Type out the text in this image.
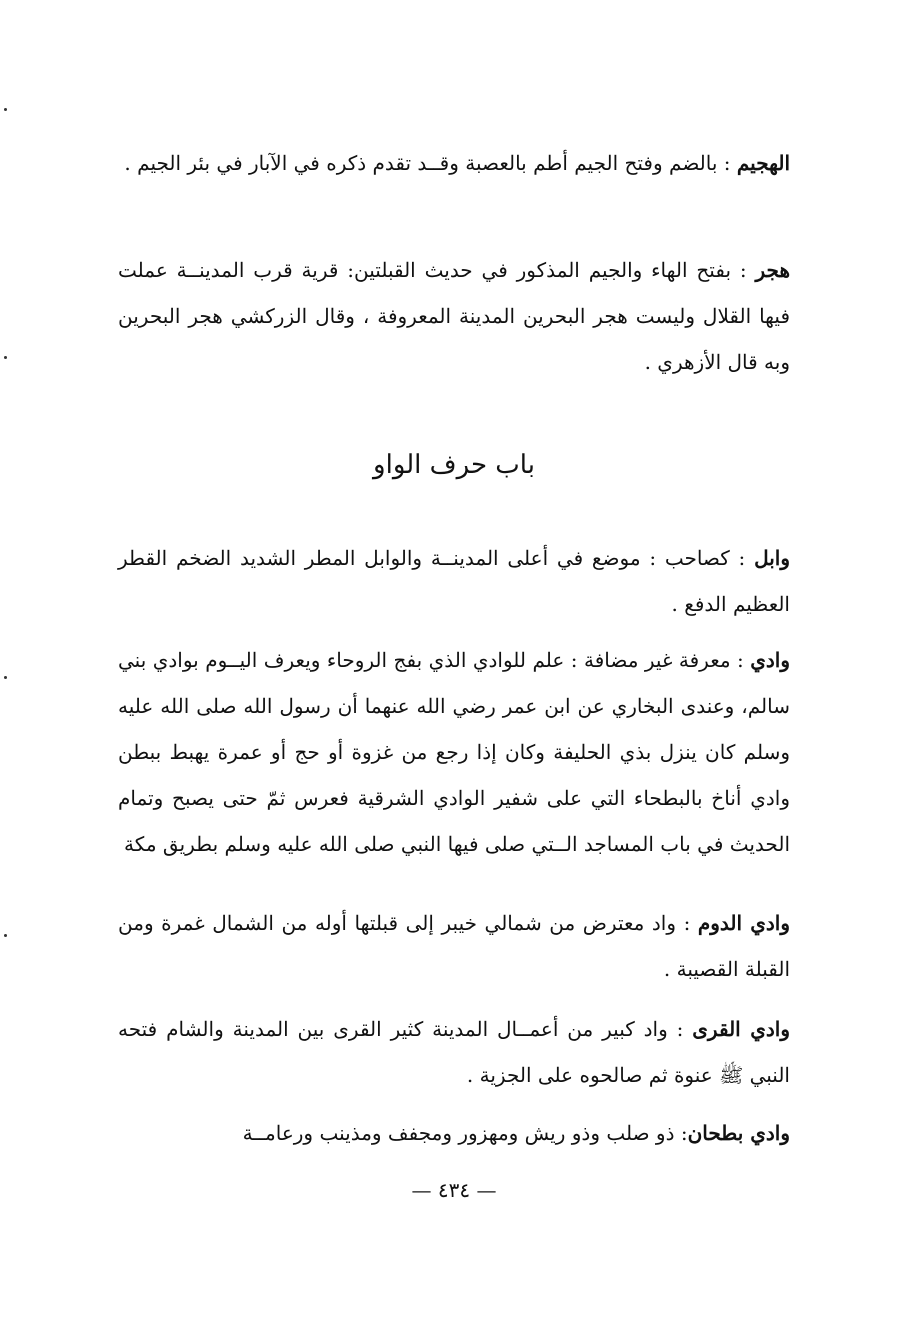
الهجيم : بالضم وفتح الجيم أطم بالعصبة وقــد تقدم ذكره في الآبار في بئر الجيم .

هجر : بفتح الهاء والجيم المذكور في حديث القبلتين: قرية قرب المدينــة عملت فيها القلال وليست هجر البحرين المدينة المعروفة ، وقال الزركشي هجر البحرين وبه قال الأزهري .

باب حرف الواو

وابل : كصاحب : موضع في أعلى المدينــة والوابل المطر الشديد الضخم القطر العظيم الدفع .

وادي : معرفة غير مضافة : علم للوادي الذي بفج الروحاء ويعرف اليــوم بوادي بني سالم، وعندى البخاري عن ابن عمر رضي الله عنهما أن رسول الله صلى الله عليه وسلم كان ينزل بذي الحليفة وكان إذا رجع من غزوة أو حج أو عمرة يهبط ببطن وادي أناخ بالبطحاء التي على شفير الوادي الشرقية فعرس ثمّ حتى يصبح وتمام الحديث في باب المساجد الــتي صلى فيها النبي صلى الله عليه وسلم بطريق مكة

وادي الدوم : واد معترض من شمالي خيبر إلى قبلتها أوله من الشمال غمرة ومن القبلة القصيبة .

وادي القرى : واد كبير من أعمــال المدينة كثير القرى بين المدينة والشام فتحه النبي ﷺ عنوة ثم صالحوه على الجزية .

وادي بطحان: ذو صلب وذو ريش ومهزور ومجفف ومذينب ورعامــة

— ٤٣٤ —
